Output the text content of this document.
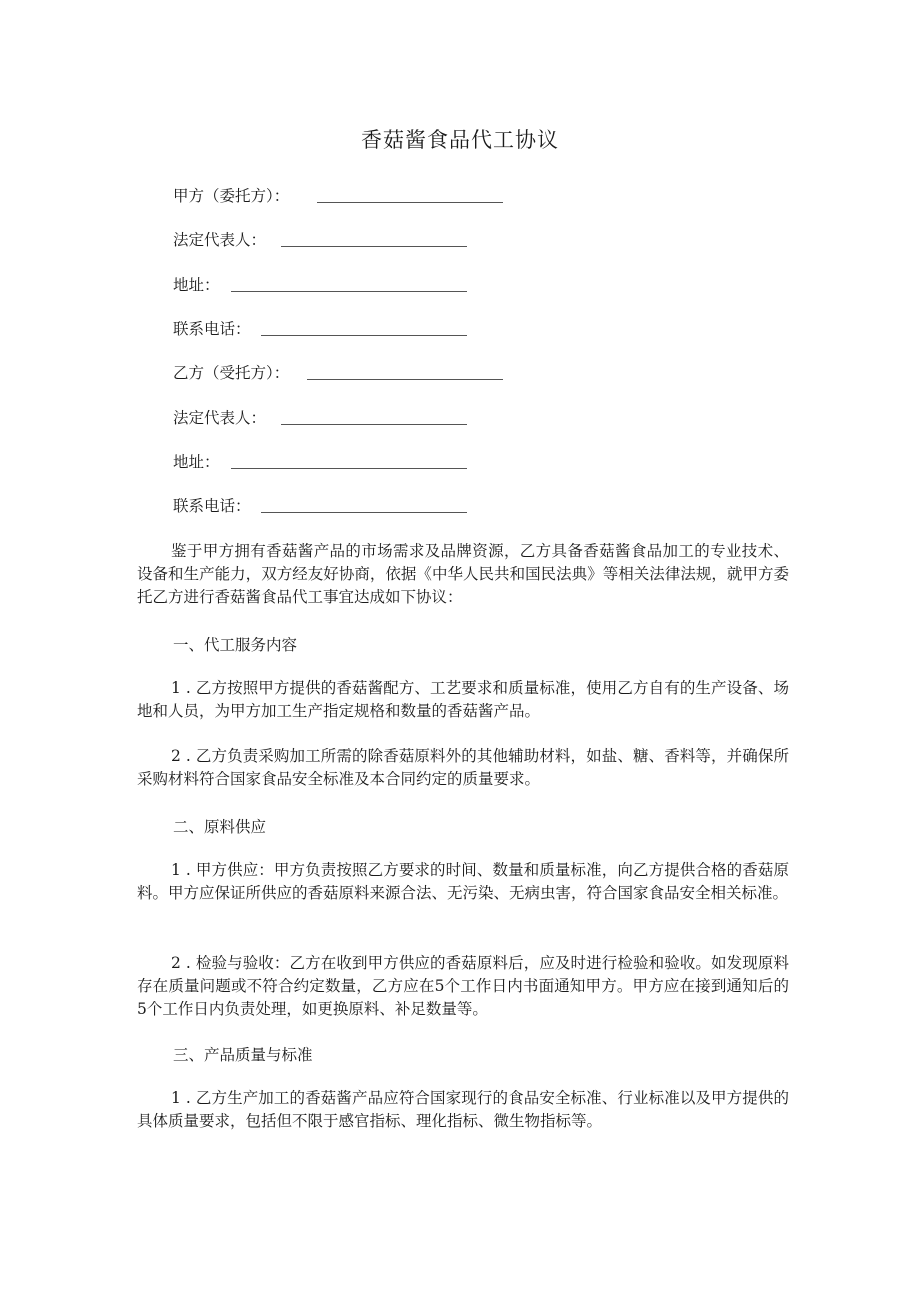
香菇酱食品代工协议
甲方（委托方）：
法定代表人：
地址：
联系电话：
乙方（受托方）：
法定代表人：
地址：
联系电话：
鉴于甲方拥有香菇酱产品的市场需求及品牌资源，乙方具备香菇酱食品加工的专业技术、设备和生产能力，双方经友好协商，依据《中华人民共和国民法典》等相关法律法规，就甲方委托乙方进行香菇酱食品代工事宜达成如下协议：
一、代工服务内容
1 . 乙方按照甲方提供的香菇酱配方、工艺要求和质量标准，使用乙方自有的生产设备、场地和人员，为甲方加工生产指定规格和数量的香菇酱产品。
2 . 乙方负责采购加工所需的除香菇原料外的其他辅助材料，如盐、糖、香料等，并确保所采购材料符合国家食品安全标准及本合同约定的质量要求。
二、原料供应
1 . 甲方供应：甲方负责按照乙方要求的时间、数量和质量标准，向乙方提供合格的香菇原料。甲方应保证所供应的香菇原料来源合法、无污染、无病虫害，符合国家食品安全相关标准。
2 . 检验与验收：乙方在收到甲方供应的香菇原料后，应及时进行检验和验收。如发现原料存在质量问题或不符合约定数量，乙方应在5个工作日内书面通知甲方。甲方应在接到通知后的5个工作日内负责处理，如更换原料、补足数量等。
三、产品质量与标准
1 . 乙方生产加工的香菇酱产品应符合国家现行的食品安全标准、行业标准以及甲方提供的具体质量要求，包括但不限于感官指标、理化指标、微生物指标等。
